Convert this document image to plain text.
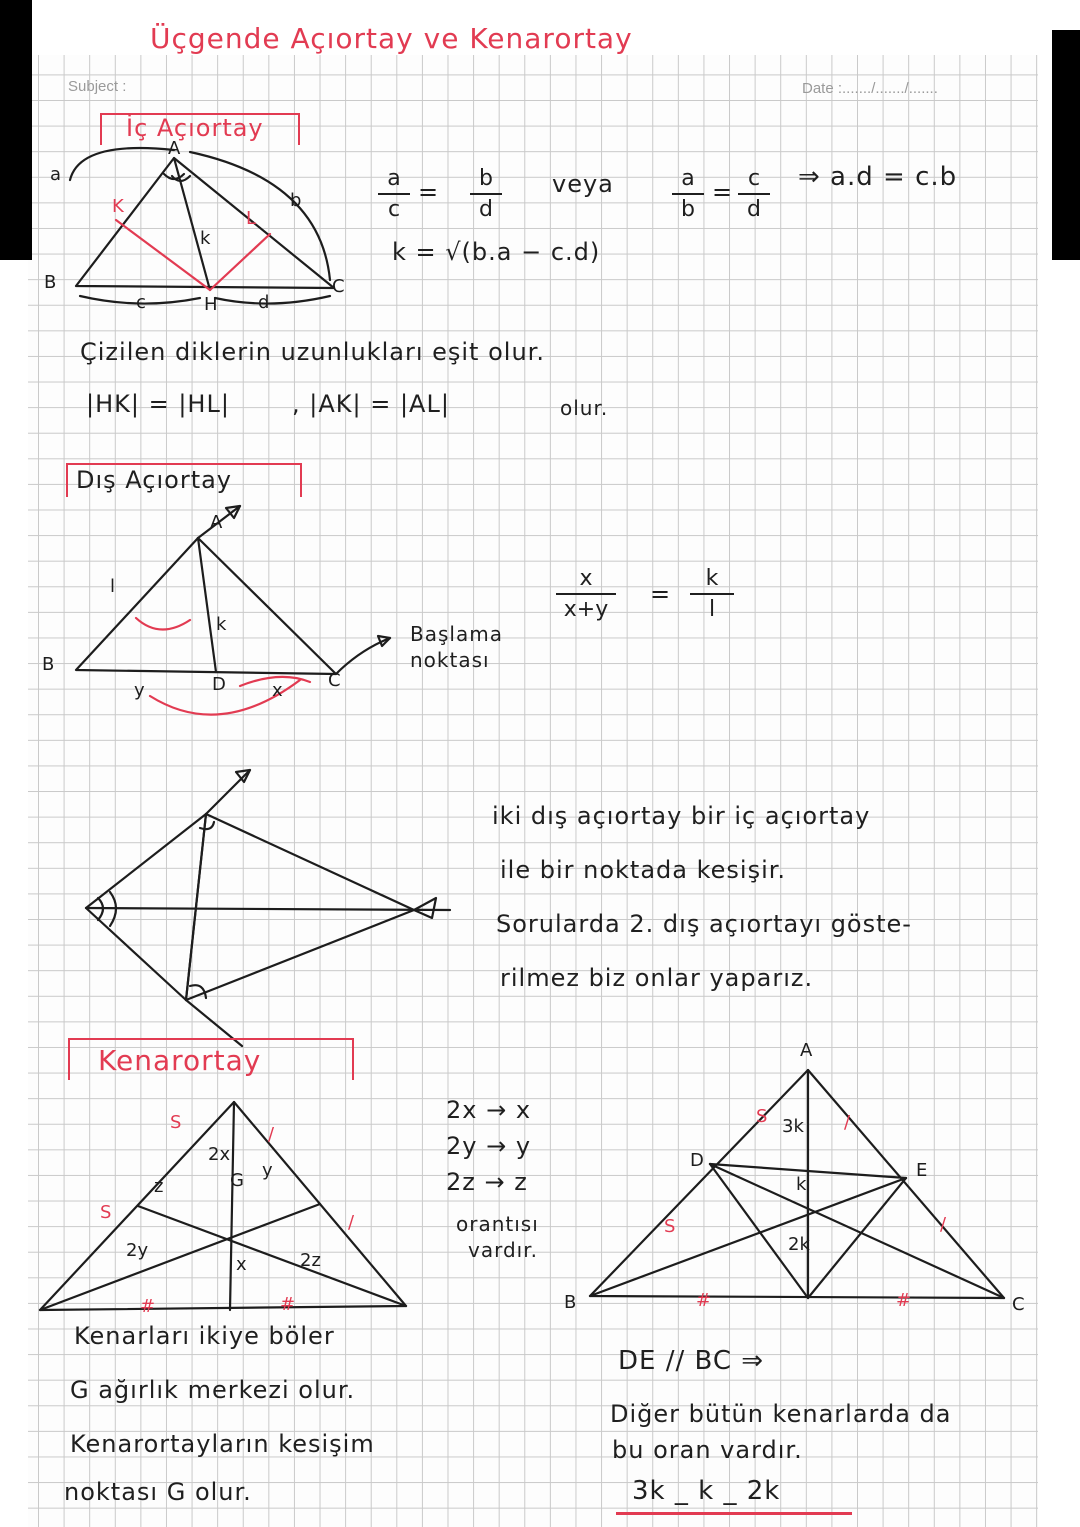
Üçgende Açıortay ve Kenarortay
Subject :	Date :......./......./.......
İç Açıortay
a
b
c	d
A
B	C
H
K
L
k
a
c
=	b
d
veya	a
b
= c
d
⇒ a.d = c.b
k = √(b.a − c.d)
Çizilen diklerin uzunlukları eşit olur.
|HK| = |HL|	, |AK| = |AL|	olur.
Dış Açıortay
A
B
C
D
l
k
y	x
Başlama
noktası
x
x+y
=
k
l
iki dış açıortay bir iç açıortay
ile bir noktada kesişir.
Sorularda 2. dış açıortayı göste-
rilmez biz onlar yaparız.
Kenarortay
2x
G y
z
2y
x	2z
S
S
/
/
#	#
2x → x
2y → y
2z → z
orantısı
vardır.
Kenarları ikiye böler
G ağırlık merkezi olur.
Kenarortayların kesişim
noktası G olur.
A
B	C
D	E
3k
k
2k
S
S
/
/
#	#
DE // BC ⇒
Diğer bütün kenarlarda da
bu oran vardır.
3k _ k _ 2k
